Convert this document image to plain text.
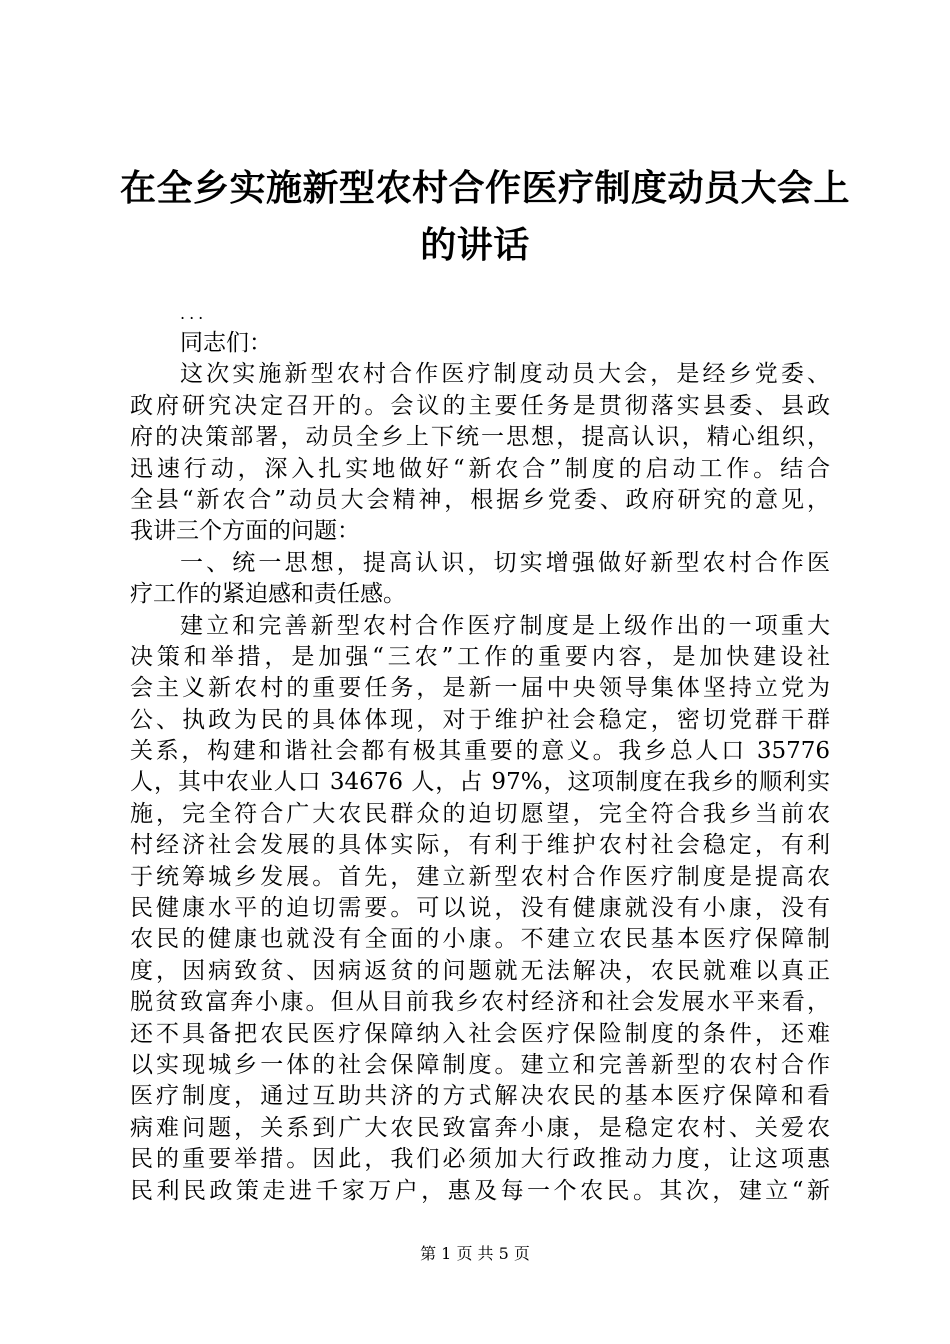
在全乡实施新型农村合作医疗制度动员大会上
的讲话
...
同志们：
这次实施新型农村合作医疗制度动员大会，是经乡党委、
政府研究决定召开的。会议的主要任务是贯彻落实县委、县政
府的决策部署，动员全乡上下统一思想，提高认识，精心组织，
迅速行动，深入扎实地做好“新农合”制度的启动工作。结合
全县“新农合”动员大会精神，根据乡党委、政府研究的意见，
我讲三个方面的问题：
一、统一思想，提高认识，切实增强做好新型农村合作医
疗工作的紧迫感和责任感。
建立和完善新型农村合作医疗制度是上级作出的一项重大
决策和举措，是加强“三农”工作的重要内容，是加快建设社
会主义新农村的重要任务，是新一届中央领导集体坚持立党为
公、执政为民的具体体现，对于维护社会稳定，密切党群干群
关系，构建和谐社会都有极其重要的意义。我乡总人口 35776
人，其中农业人口 34676 人，占 97%，这项制度在我乡的顺利实
施，完全符合广大农民群众的迫切愿望，完全符合我乡当前农
村经济社会发展的具体实际，有利于维护农村社会稳定，有利
于统筹城乡发展。首先，建立新型农村合作医疗制度是提高农
民健康水平的迫切需要。可以说，没有健康就没有小康，没有
农民的健康也就没有全面的小康。不建立农民基本医疗保障制
度，因病致贫、因病返贫的问题就无法解决，农民就难以真正
脱贫致富奔小康。但从目前我乡农村经济和社会发展水平来看，
还不具备把农民医疗保障纳入社会医疗保险制度的条件，还难
以实现城乡一体的社会保障制度。建立和完善新型的农村合作
医疗制度，通过互助共济的方式解决农民的基本医疗保障和看
病难问题，关系到广大农民致富奔小康，是稳定农村、关爱农
民的重要举措。因此，我们必须加大行政推动力度，让这项惠
民利民政策走进千家万户，惠及每一个农民。其次，建立“新
第 1 页 共 5 页
